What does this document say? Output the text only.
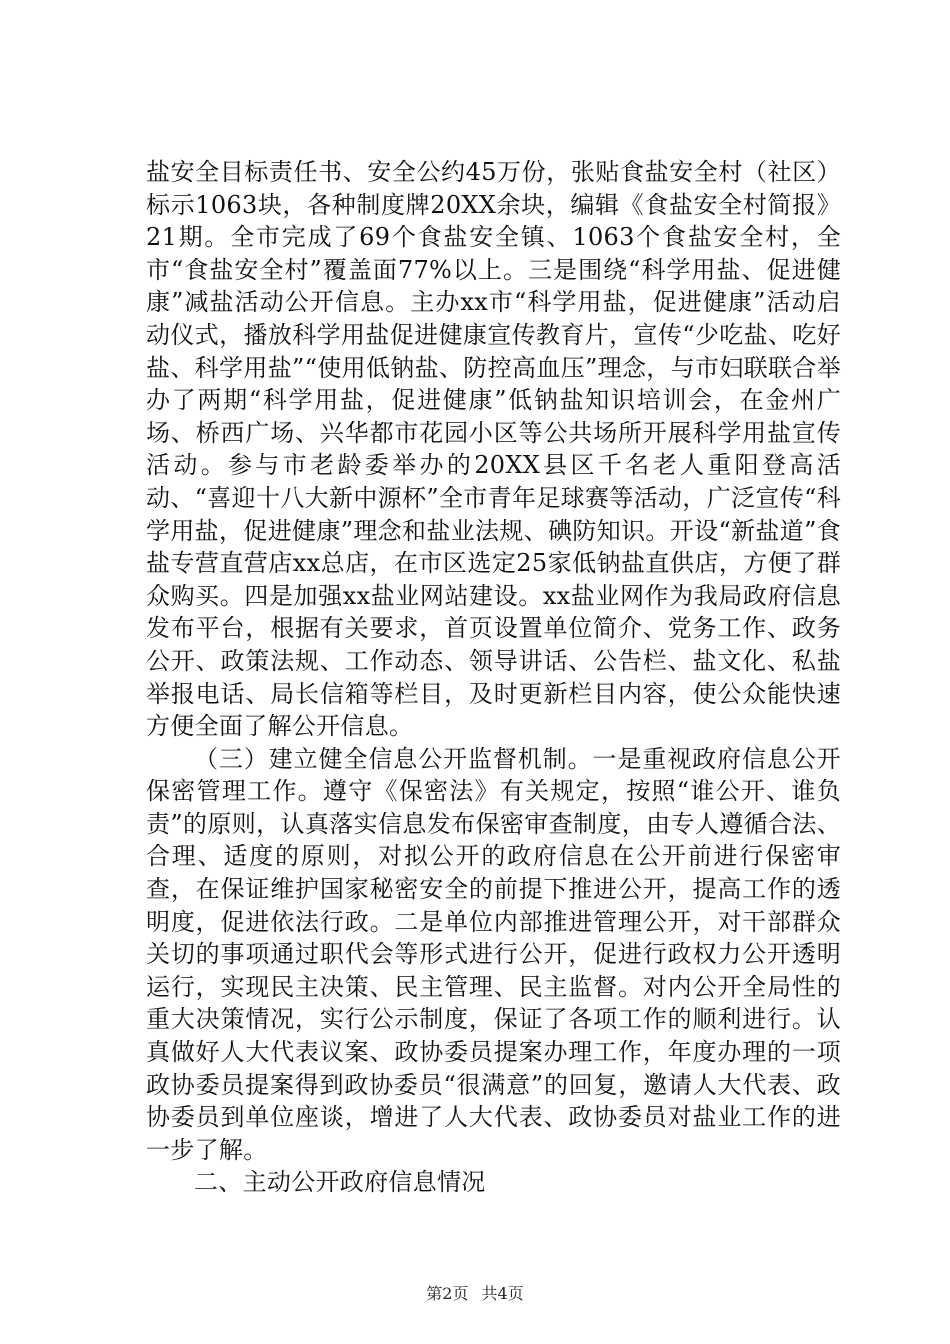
盐安全目标责任书、安全公约45万份，张贴食盐安全村（社区）标示1063块，各种制度牌20XX余块，编辑《食盐安全村简报》21期。全市完成了69个食盐安全镇、1063个食盐安全村，全市“食盐安全村”覆盖面77%以上。三是围绕“科学用盐、促进健康”减盐活动公开信息。主办xx市“科学用盐，促进健康”活动启动仪式，播放科学用盐促进健康宣传教育片，宣传“少吃盐、吃好盐、科学用盐”“使用低钠盐、防控高血压”理念，与市妇联联合举办了两期“科学用盐，促进健康”低钠盐知识培训会，在金州广场、桥西广场、兴华都市花园小区等公共场所开展科学用盐宣传活动。参与市老龄委举办的20XX县区千名老人重阳登高活动、“喜迎十八大新中源杯”全市青年足球赛等活动，广泛宣传“科学用盐，促进健康”理念和盐业法规、碘防知识。开设“新盐道”食盐专营直营店xx总店，在市区选定25家低钠盐直供店，方便了群众购买。四是加强xx盐业网站建设。xx盐业网作为我局政府信息发布平台，根据有关要求，首页设置单位简介、党务工作、政务公开、政策法规、工作动态、领导讲话、公告栏、盐文化、私盐举报电话、局长信箱等栏目，及时更新栏目内容，使公众能快速方便全面了解公开信息。

（三）建立健全信息公开监督机制。一是重视政府信息公开保密管理工作。遵守《保密法》有关规定，按照“谁公开、谁负责”的原则，认真落实信息发布保密审查制度，由专人遵循合法、合理、适度的原则，对拟公开的政府信息在公开前进行保密审查，在保证维护国家秘密安全的前提下推进公开，提高工作的透明度，促进依法行政。二是单位内部推进管理公开，对干部群众关切的事项通过职代会等形式进行公开，促进行政权力公开透明运行，实现民主决策、民主管理、民主监督。对内公开全局性的重大决策情况，实行公示制度，保证了各项工作的顺利进行。认真做好人大代表议案、政协委员提案办理工作，年度办理的一项政协委员提案得到政协委员“很满意”的回复，邀请人大代表、政协委员到单位座谈，增进了人大代表、政协委员对盐业工作的进一步了解。

二、主动公开政府信息情况

第2页 共4页
